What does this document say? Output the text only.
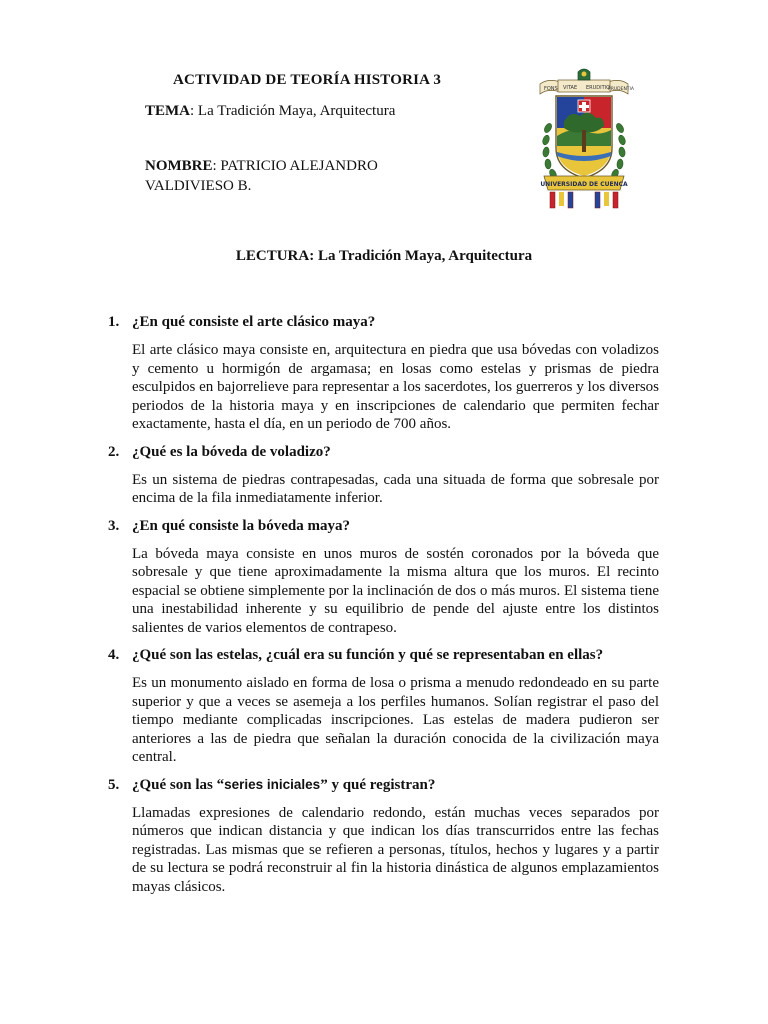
ACTIVIDAD DE TEORÍA HISTORIA 3
TEMA: La Tradición Maya, Arquitectura
NOMBRE: PATRICIO ALEJANDRO
VALDIVIESO B.
FONS VITAE ERUDITIO
PRUDENTIA
UNIVERSIDAD DE CUENCA
LECTURA: La Tradición Maya, Arquitectura
1. ¿En qué consiste el arte clásico maya?
El arte clásico maya consiste en, arquitectura en piedra que usa bóvedas con voladizos y cemento u hormigón de argamasa; en losas como estelas y prismas de piedra esculpidos en bajorrelieve para representar a los sacerdotes, los guerreros y los diversos periodos de la historia maya y en inscripciones de calendario que permiten fechar exactamente, hasta el día, en un periodo de 700 años.
2. ¿Qué es la bóveda de voladizo?
Es un sistema de piedras contrapesadas, cada una situada de forma que sobresale por encima de la fila inmediatamente inferior.
3. ¿En qué consiste la bóveda maya?
La bóveda maya consiste en unos muros de sostén coronados por la bóveda que sobresale y que tiene aproximadamente la misma altura que los muros. El recinto espacial se obtiene simplemente por la inclinación de dos o más muros. El sistema tiene una inestabilidad inherente y su equilibrio de pende del ajuste entre los distintos salientes de varios elementos de contrapeso.
4. ¿Qué son las estelas, ¿cuál era su función y qué se representaban en ellas?
Es un monumento aislado en forma de losa o prisma a menudo redondeado en su parte superior y que a veces se asemeja a los perfiles humanos. Solían registrar el paso del tiempo mediante complicadas inscripciones. Las estelas de madera pudieron ser anteriores a las de piedra que señalan la duración conocida de la civilización maya central.
5. ¿Qué son las “series iniciales” y qué registran?
Llamadas expresiones de calendario redondo, están muchas veces separados por números que indican distancia y que indican los días transcurridos entre las fechas registradas. Las mismas que se refieren a personas, títulos, hechos y lugares y a partir de su lectura se podrá reconstruir al fin la historia dinástica de algunos emplazamientos mayas clásicos.
